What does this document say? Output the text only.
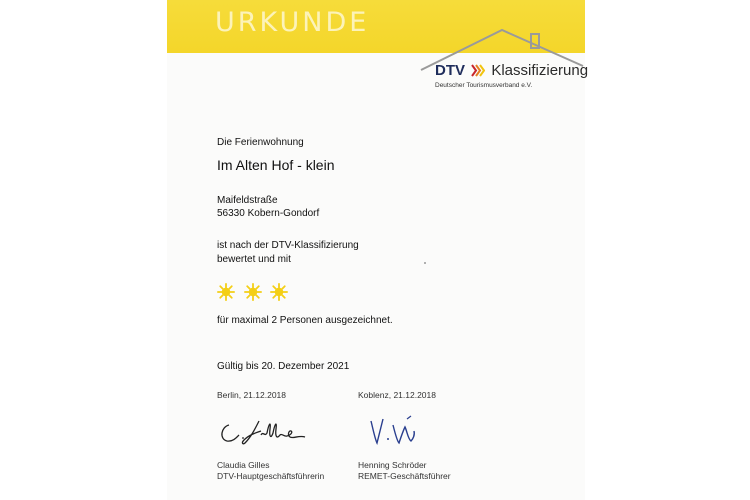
URKUNDE
DTV Klassifizierung
Deutscher Tourismusverband e.V.
Die Ferienwohnung
Im Alten Hof - klein
Maifeldstraße
56330 Kobern-Gondorf
ist nach der DTV-Klassifizierung
bewertet und mit
für maximal 2 Personen ausgezeichnet.
Gültig bis 20. Dezember 2021
Berlin, 21.12.2018	Koblenz, 21.12.2018
Claudia Gilles
DTV-Hauptgeschäftsführerin
Henning Schröder
REMET-Geschäftsführer
